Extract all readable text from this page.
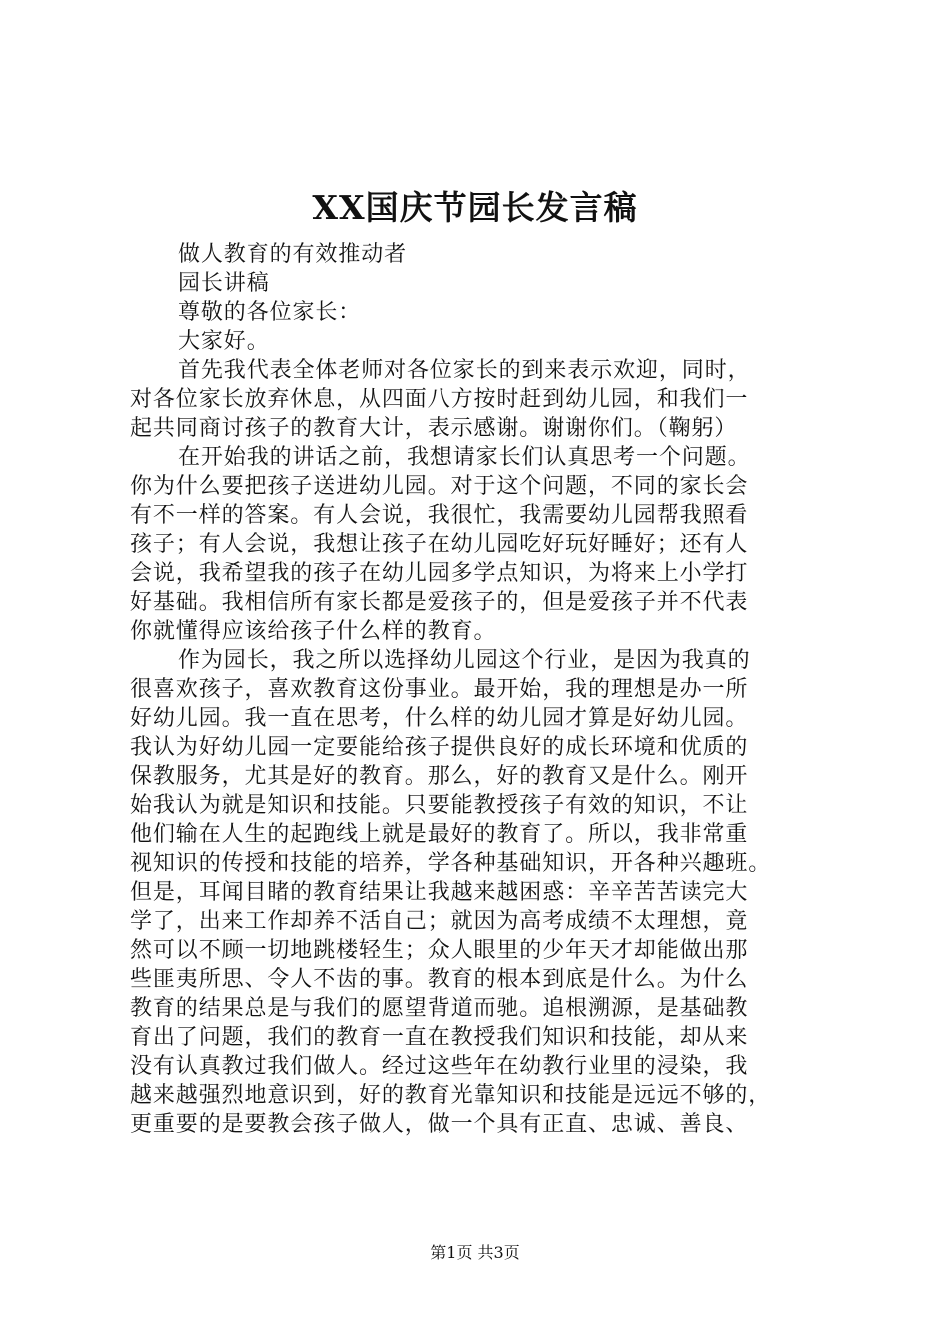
XX国庆节园长发言稿
做人教育的有效推动者
园长讲稿
尊敬的各位家长：
大家好。
首先我代表全体老师对各位家长的到来表示欢迎，同时，
对各位家长放弃休息，从四面八方按时赶到幼儿园，和我们一
起共同商讨孩子的教育大计，表示感谢。谢谢你们。（鞠躬）
在开始我的讲话之前，我想请家长们认真思考一个问题。
你为什么要把孩子送进幼儿园。对于这个问题，不同的家长会
有不一样的答案。有人会说，我很忙，我需要幼儿园帮我照看
孩子；有人会说，我想让孩子在幼儿园吃好玩好睡好；还有人
会说，我希望我的孩子在幼儿园多学点知识，为将来上小学打
好基础。我相信所有家长都是爱孩子的，但是爱孩子并不代表
你就懂得应该给孩子什么样的教育。
作为园长，我之所以选择幼儿园这个行业，是因为我真的
很喜欢孩子，喜欢教育这份事业。最开始，我的理想是办一所
好幼儿园。我一直在思考，什么样的幼儿园才算是好幼儿园。
我认为好幼儿园一定要能给孩子提供良好的成长环境和优质的
保教服务，尤其是好的教育。那么，好的教育又是什么。刚开
始我认为就是知识和技能。只要能教授孩子有效的知识，不让
他们输在人生的起跑线上就是最好的教育了。所以，我非常重
视知识的传授和技能的培养，学各种基础知识，开各种兴趣班。
但是，耳闻目睹的教育结果让我越来越困惑：辛辛苦苦读完大
学了，出来工作却养不活自己；就因为高考成绩不太理想，竟
然可以不顾一切地跳楼轻生；众人眼里的少年天才却能做出那
些匪夷所思、令人不齿的事。教育的根本到底是什么。为什么
教育的结果总是与我们的愿望背道而驰。追根溯源，是基础教
育出了问题，我们的教育一直在教授我们知识和技能，却从来
没有认真教过我们做人。经过这些年在幼教行业里的浸染，我
越来越强烈地意识到，好的教育光靠知识和技能是远远不够的，
更重要的是要教会孩子做人，做一个具有正直、忠诚、善良、
第1页 共3页
